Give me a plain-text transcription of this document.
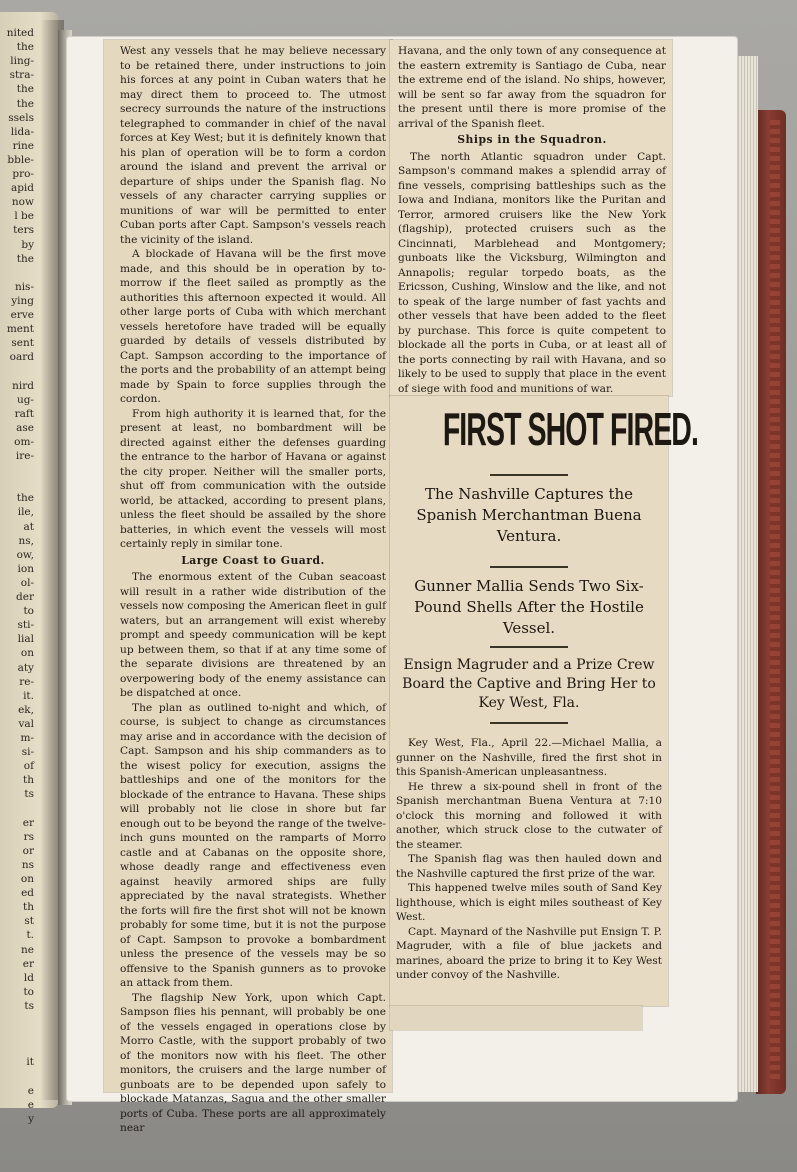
nited
the
ling-
stra-
the
the
ssels
lida-
rine
bble-
pro-
apid
now
l be
ters
by
the
nis-
ying
erve
ment
sent
oard
nird
ug-
raft
ase
om-
ire-
the
ile,
at
ns,
ow,
ion
ol-
der
to
sti-
lial
on
aty
re-
it.
ek,
val
m-
si-
of
th
ts
er
rs
or
ns
on
ed
th
st
t.
ne
er
ld
to
ts
it
e
e
y

West any vessels that he may believe necessary to be retained there, under instructions to join his forces at any point in Cuban waters that he may direct them to proceed to. The utmost secrecy surrounds the nature of the instructions telegraphed to commander in chief of the naval forces at Key West; but it is definitely known that his plan of operation will be to form a cordon around the island and prevent the arrival or departure of ships under the Spanish flag. No vessels of any character carrying supplies or munitions of war will be permitted to enter Cuban ports after Capt. Sampson's vessels reach the vicinity of the island.

A blockade of Havana will be the first move made, and this should be in operation by to-morrow if the fleet sailed as promptly as the authorities this afternoon expected it would. All other large ports of Cuba with which merchant vessels heretofore have traded will be equally guarded by details of vessels distributed by Capt. Sampson according to the importance of the ports and the probability of an attempt being made by Spain to force supplies through the cordon.

From high authority it is learned that, for the present at least, no bombardment will be directed against either the defenses guarding the entrance to the harbor of Havana or against the city proper. Neither will the smaller ports, shut off from communication with the outside world, be attacked, according to present plans, unless the fleet should be assailed by the shore batteries, in which event the vessels will most certainly reply in similar tone.

Large Coast to Guard.

The enormous extent of the Cuban seacoast will result in a rather wide distribution of the vessels now composing the American fleet in gulf waters, but an arrangement will exist whereby prompt and speedy communication will be kept up between them, so that if at any time some of the separate divisions are threatened by an overpowering body of the enemy assistance can be dispatched at once.

The plan as outlined to-night and which, of course, is subject to change as circumstances may arise and in accordance with the decision of Capt. Sampson and his ship commanders as to the wisest policy for execution, assigns the battleships and one of the monitors for the blockade of the entrance to Havana. These ships will probably not lie close in shore but far enough out to be beyond the range of the twelve-inch guns mounted on the ramparts of Morro castle and at Cabanas on the opposite shore, whose deadly range and effectiveness even against heavily armored ships are fully appreciated by the naval strategists. Whether the forts will fire the first shot will not be known probably for some time, but it is not the purpose of Capt. Sampson to provoke a bombardment unless the presence of the vessels may be so offensive to the Spanish gunners as to provoke an attack from them.

The flagship New York, upon which Capt. Sampson flies his pennant, will probably be one of the vessels engaged in operations close by Morro Castle, with the support probably of two of the monitors now with his fleet. The other monitors, the cruisers and the large number of gunboats are to be depended upon safely to blockade Matanzas, Sagua and the other smaller ports of Cuba. These ports are all approximately near

Havana, and the only town of any consequence at the eastern extremity is Santiago de Cuba, near the extreme end of the island. No ships, however, will be sent so far away from the squadron for the present until there is more promise of the arrival of the Spanish fleet.

Ships in the Squadron.

The north Atlantic squadron under Capt. Sampson's command makes a splendid array of fine vessels, comprising battleships such as the Iowa and Indiana, monitors like the Puritan and Terror, armored cruisers like the New York (flagship), protected cruisers such as the Cincinnati, Marblehead and Montgomery; gunboats like the Vicksburg, Wilmington and Annapolis; regular torpedo boats, as the Ericsson, Cushing, Winslow and the like, and not to speak of the large number of fast yachts and other vessels that have been added to the fleet by purchase. This force is quite competent to blockade all the ports in Cuba, or at least all of the ports connecting by rail with Havana, and so likely to be used to supply that place in the event of siege with food and munitions of war.

FIRST SHOT FIRED.
The Nashville Captures the Spanish Merchantman Buena Ventura.
Gunner Mallia Sends Two Six-Pound Shells After the Hostile Vessel.
Ensign Magruder and a Prize Crew Board the Captive and Bring Her to Key West, Fla.

Key West, Fla., April 22.—Michael Mallia, a gunner on the Nashville, fired the first shot in this Spanish-American unpleasantness.

He threw a six-pound shell in front of the Spanish merchantman Buena Ventura at 7:10 o'clock this morning and followed it with another, which struck close to the cutwater of the steamer.

The Spanish flag was then hauled down and the Nashville captured the first prize of the war.

This happened twelve miles south of Sand Key lighthouse, which is eight miles southeast of Key West.

Capt. Maynard of the Nashville put Ensign T. P. Magruder, with a file of blue jackets and marines, aboard the prize to bring it to Key West under convoy of the Nashville.
